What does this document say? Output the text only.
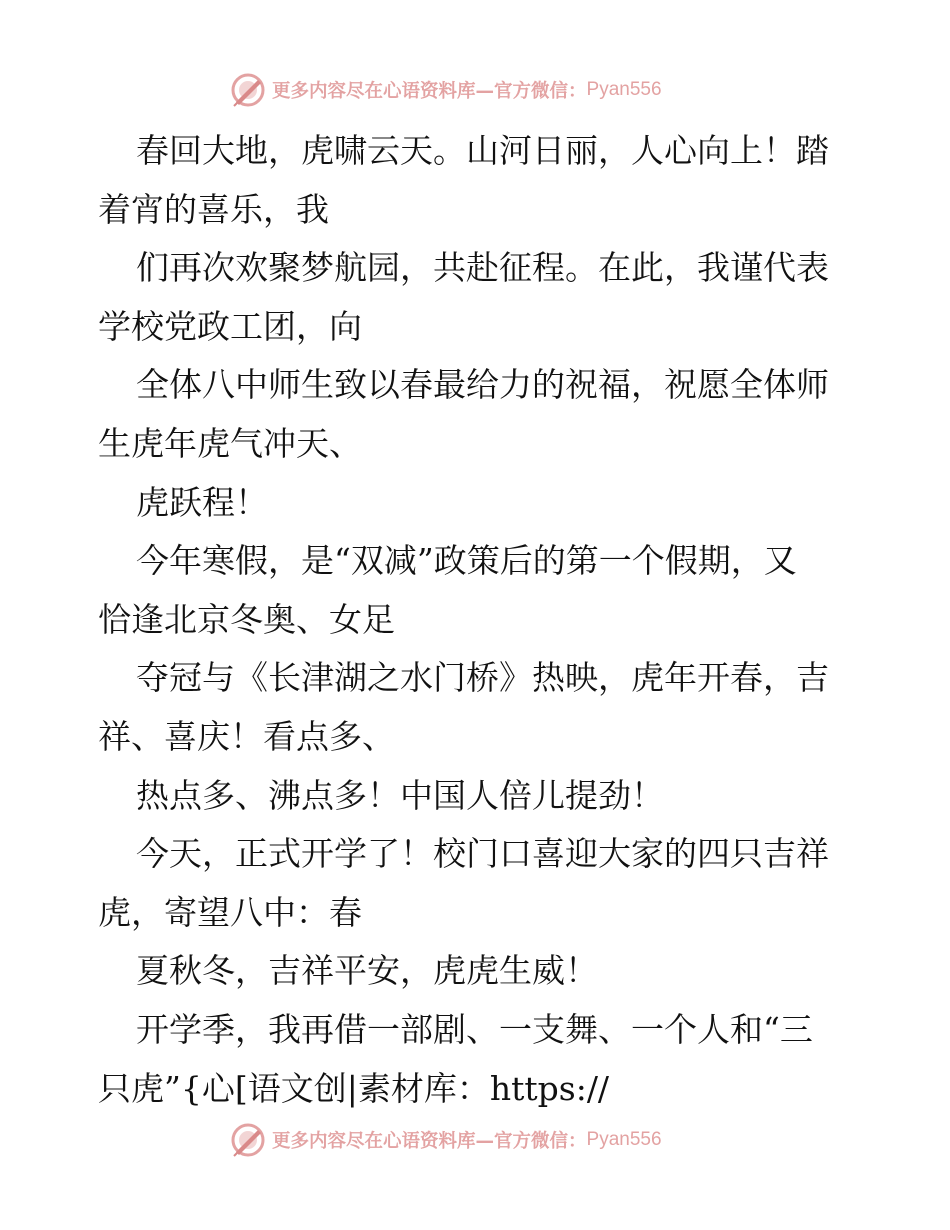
更多内容尽在心语资料库—官方微信： Pyan556
春回大地，虎啸云天。山河日丽，人心向上！踏
着宵的喜乐，我
们再次欢聚梦航园，共赴征程。在此，我谨代表
学校党政工团，向
全体八中师生致以春最给力的祝福，祝愿全体师
生虎年虎气冲天、
虎跃程！
今年寒假，是“双减”政策后的第一个假期，又
恰逢北京冬奥、女足
夺冠与《长津湖之水门桥》热映，虎年开春，吉
祥、喜庆！看点多、
热点多、沸点多！中国人倍儿提劲！
今天，正式开学了！校门口喜迎大家的四只吉祥
虎，寄望八中：春
夏秋冬，吉祥平安，虎虎生威！
开学季，我再借一部剧、一支舞、一个人和“三
只虎”{心[语文创|素材库：https://
更多内容尽在心语资料库—官方微信： Pyan556
